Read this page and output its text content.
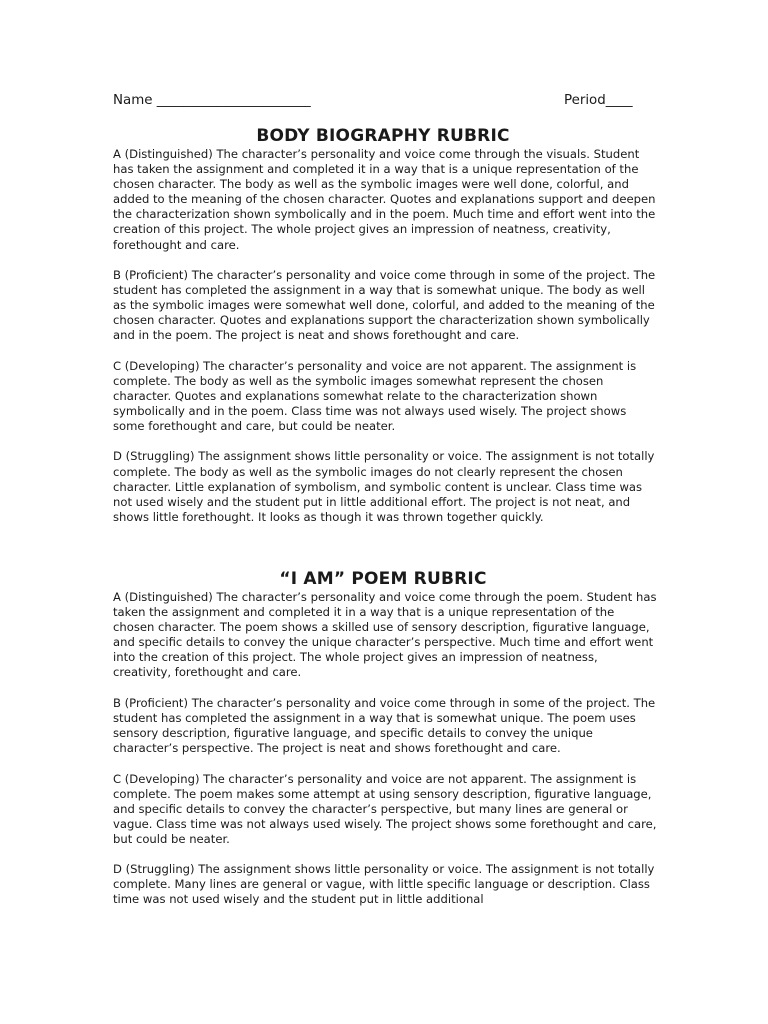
Name _______________________	Period____
BODY BIOGRAPHY RUBRIC

A (Distinguished) The character’s personality and voice come through the visuals. Student has taken the assignment and completed it in a way that is a unique representation of the chosen character. The body as well as the symbolic images were well done, colorful, and added to the meaning of the chosen character. Quotes and explanations support and deepen the characterization shown symbolically and in the poem. Much time and effort went into the creation of this project. The whole project gives an impression of neatness, creativity, forethought and care.

B (Proficient) The character’s personality and voice come through in some of the project. The student has completed the assignment in a way that is somewhat unique. The body as well as the symbolic images were somewhat well done, colorful, and added to the meaning of the chosen character. Quotes and explanations support the characterization shown symbolically and in the poem. The project is neat and shows forethought and care.

C (Developing) The character’s personality and voice are not apparent. The assignment is complete. The body as well as the symbolic images somewhat represent the chosen character. Quotes and explanations somewhat relate to the characterization shown symbolically and in the poem. Class time was not always used wisely. The project shows some forethought and care, but could be neater.

D (Struggling) The assignment shows little personality or voice. The assignment is not totally complete. The body as well as the symbolic images do not clearly represent the chosen character. Little explanation of symbolism, and symbolic content is unclear. Class time was not used wisely and the student put in little additional effort. The project is not neat, and shows little forethought. It looks as though it was thrown together quickly.

“I AM” POEM RUBRIC

A (Distinguished) The character’s personality and voice come through the poem. Student has taken the assignment and completed it in a way that is a unique representation of the chosen character. The poem shows a skilled use of sensory description, figurative language, and specific details to convey the unique character’s perspective. Much time and effort went into the creation of this project. The whole project gives an impression of neatness, creativity, forethought and care.

B (Proficient) The character’s personality and voice come through in some of the project. The student has completed the assignment in a way that is somewhat unique. The poem uses sensory description, figurative language, and specific details to convey the unique character’s perspective. The project is neat and shows forethought and care.

C (Developing) The character’s personality and voice are not apparent. The assignment is complete. The poem makes some attempt at using sensory description, figurative language, and specific details to convey the character’s perspective, but many lines are general or vague. Class time was not always used wisely. The project shows some forethought and care, but could be neater.

D (Struggling) The assignment shows little personality or voice. The assignment is not totally complete. Many lines are general or vague, with little specific language or description. Class time was not used wisely and the student put in little additional
